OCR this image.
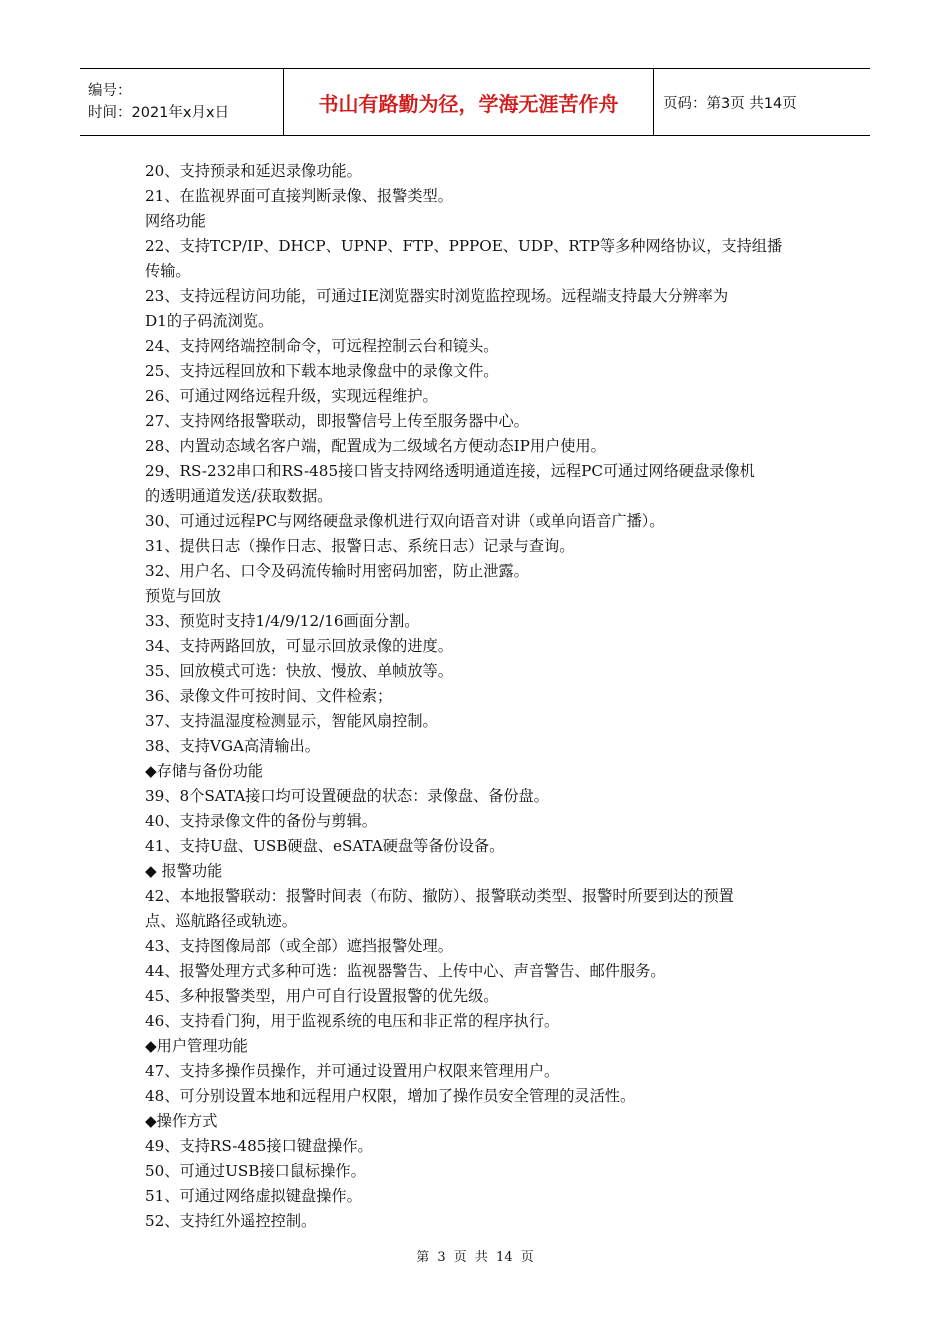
编号：
时间：2021年x月x日	书山有路勤为径，学海无涯苦作舟	页码：第3页 共14页
20、支持预录和延迟录像功能。
21、在监视界面可直接判断录像、报警类型。
网络功能
22、支持TCP/IP、DHCP、UPNP、FTP、PPPOE、UDP、RTP等多种网络协议，支持组播
传输。
23、支持远程访问功能，可通过IE浏览器实时浏览监控现场。远程端支持最大分辨率为
D1的子码流浏览。
24、支持网络端控制命令，可远程控制云台和镜头。
25、支持远程回放和下载本地录像盘中的录像文件。
26、可通过网络远程升级，实现远程维护。
27、支持网络报警联动，即报警信号上传至服务器中心。
28、内置动态域名客户端，配置成为二级域名方便动态IP用户使用。
29、RS-232串口和RS-485接口皆支持网络透明通道连接，远程PC可通过网络硬盘录像机
的透明通道发送/获取数据。
30、可通过远程PC与网络硬盘录像机进行双向语音对讲（或单向语音广播）。
31、提供日志（操作日志、报警日志、系统日志）记录与查询。
32、用户名、口令及码流传输时用密码加密，防止泄露。
预览与回放
33、预览时支持1/4/9/12/16画面分割。
34、支持两路回放，可显示回放录像的进度。
35、回放模式可选：快放、慢放、单帧放等。
36、录像文件可按时间、文件检索；
37、支持温湿度检测显示，智能风扇控制。
38、支持VGA高清输出。
◆存储与备份功能
39、8个SATA接口均可设置硬盘的状态：录像盘、备份盘。
40、支持录像文件的备份与剪辑。
41、支持U盘、USB硬盘、eSATA硬盘等备份设备。
◆ 报警功能
42、本地报警联动：报警时间表（布防、撤防）、报警联动类型、报警时所要到达的预置
点、巡航路径或轨迹。
43、支持图像局部（或全部）遮挡报警处理。
44、报警处理方式多种可选：监视器警告、上传中心、声音警告、邮件服务。
45、多种报警类型，用户可自行设置报警的优先级。
46、支持看门狗，用于监视系统的电压和非正常的程序执行。
◆用户管理功能
47、支持多操作员操作，并可通过设置用户权限来管理用户。
48、可分别设置本地和远程用户权限，增加了操作员安全管理的灵活性。
◆操作方式
49、支持RS-485接口键盘操作。
50、可通过USB接口鼠标操作。
51、可通过网络虚拟键盘操作。
52、支持红外遥控控制。
第 3 页 共 14 页
